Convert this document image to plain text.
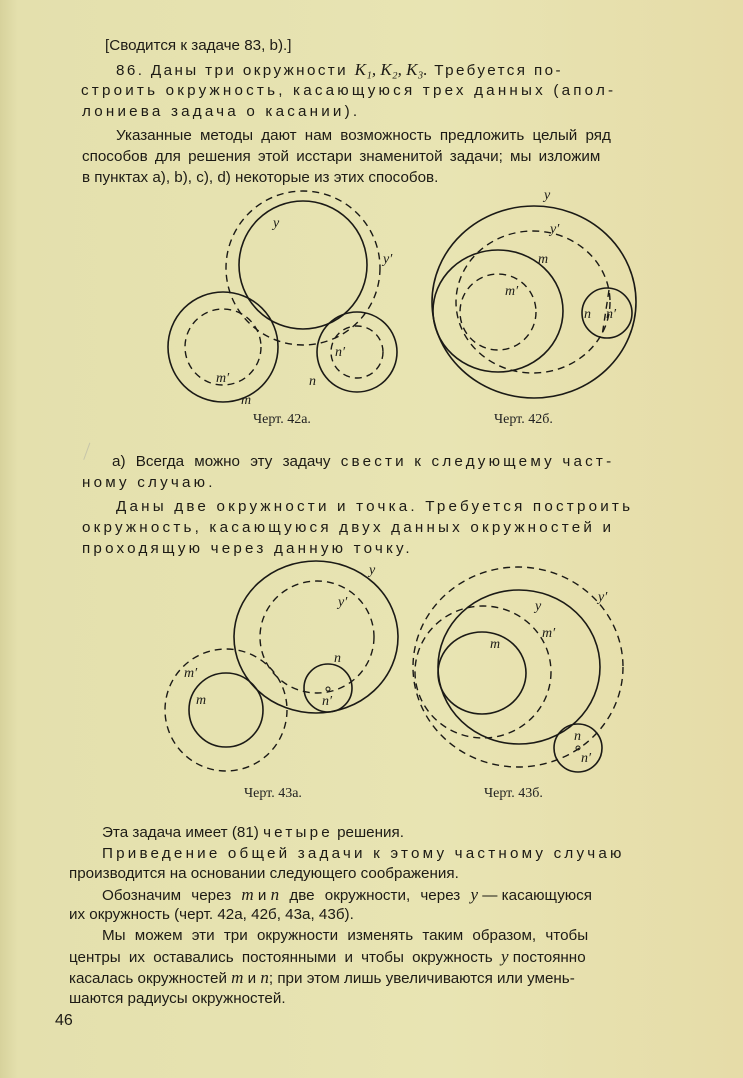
[Сводится к задаче 83, b).]
86. Даны три окружности K₁, K₂, K₃. Требуется по-
строить окружность, касающуюся трех данных (апол-
лониева задача о касании).
Указанные методы дают нам возможность предложить целый ряд
способов для решения этой исстари знаменитой задачи; мы изложим
в пунктах a), b), c), d) некоторые из этих способов.
y
y′
m′
m
n
n′
y
y′
m
m′
n n′
y
y′
n
n′
m′
m
y′
y
m′
m
n
n′
Черт. 42а.	Черт. 42б.
Черт. 43а.	Черт. 43б.
a) Всегда можно эту задачу свести к следующему част-
ному случаю.
Даны две окружности и точка. Требуется построить
окружность, касающуюся двух данных окружностей и
проходящую через данную точку.
Эта задача имеет (81) четыре решения.
Приведение общей задачи к этому частному случаю
производится на основании следующего соображения.
Обозначим через m и n две окружности, через y — касающуюся
их окружность (черт. 42а, 42б, 43а, 43б).
Мы можем эти три окружности изменять таким образом, чтобы
центры их оставались постоянными и чтобы окружность y постоянно
касалась окружностей m и n; при этом лишь увеличиваются или умень-
шаются радиусы окружностей.
46
